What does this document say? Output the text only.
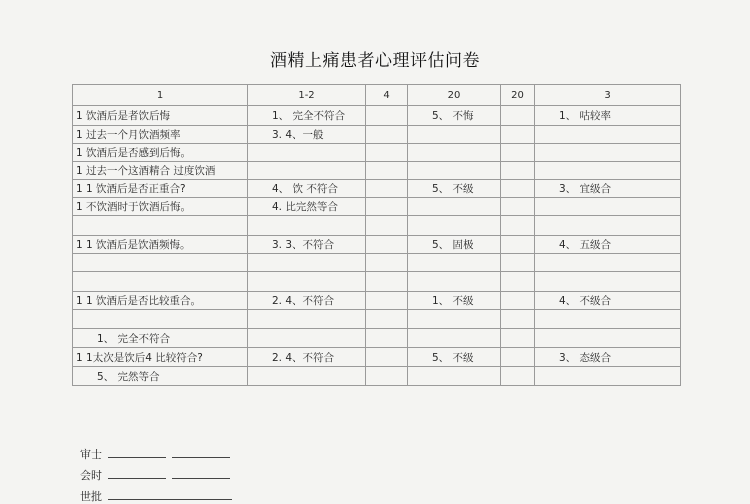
酒精上痛患者心理评估问卷
1	1-2	4	20	20	3
1 饮酒后是者饮后悔	1、 完全不符合		5、 不悔		1、 咕较率
1 过去一个月饮酒频率	3. 4、一般				
1 饮酒后是否感到后悔。					
1 过去一个这酒精合 过度饮酒					
1 1 饮酒后是否正重合?	4、 饮 不符合		5、 不级		3、 宜级合
1 不饮酒时于饮酒后悔。	4. 比完然等合				

1 1 饮酒后是饮酒频悔。	3. 3、不符合		5、 固极		4、 五级合

1 1 饮酒后是否比较重合。	2. 4、不符合		1、 不级		4、 不级合

1、 完全不符合					
1 1太次是饮后4 比较符合?	2. 4、不符合		5、 不级		3、 态级合
5、 完然等合					
审士
会时
世批
